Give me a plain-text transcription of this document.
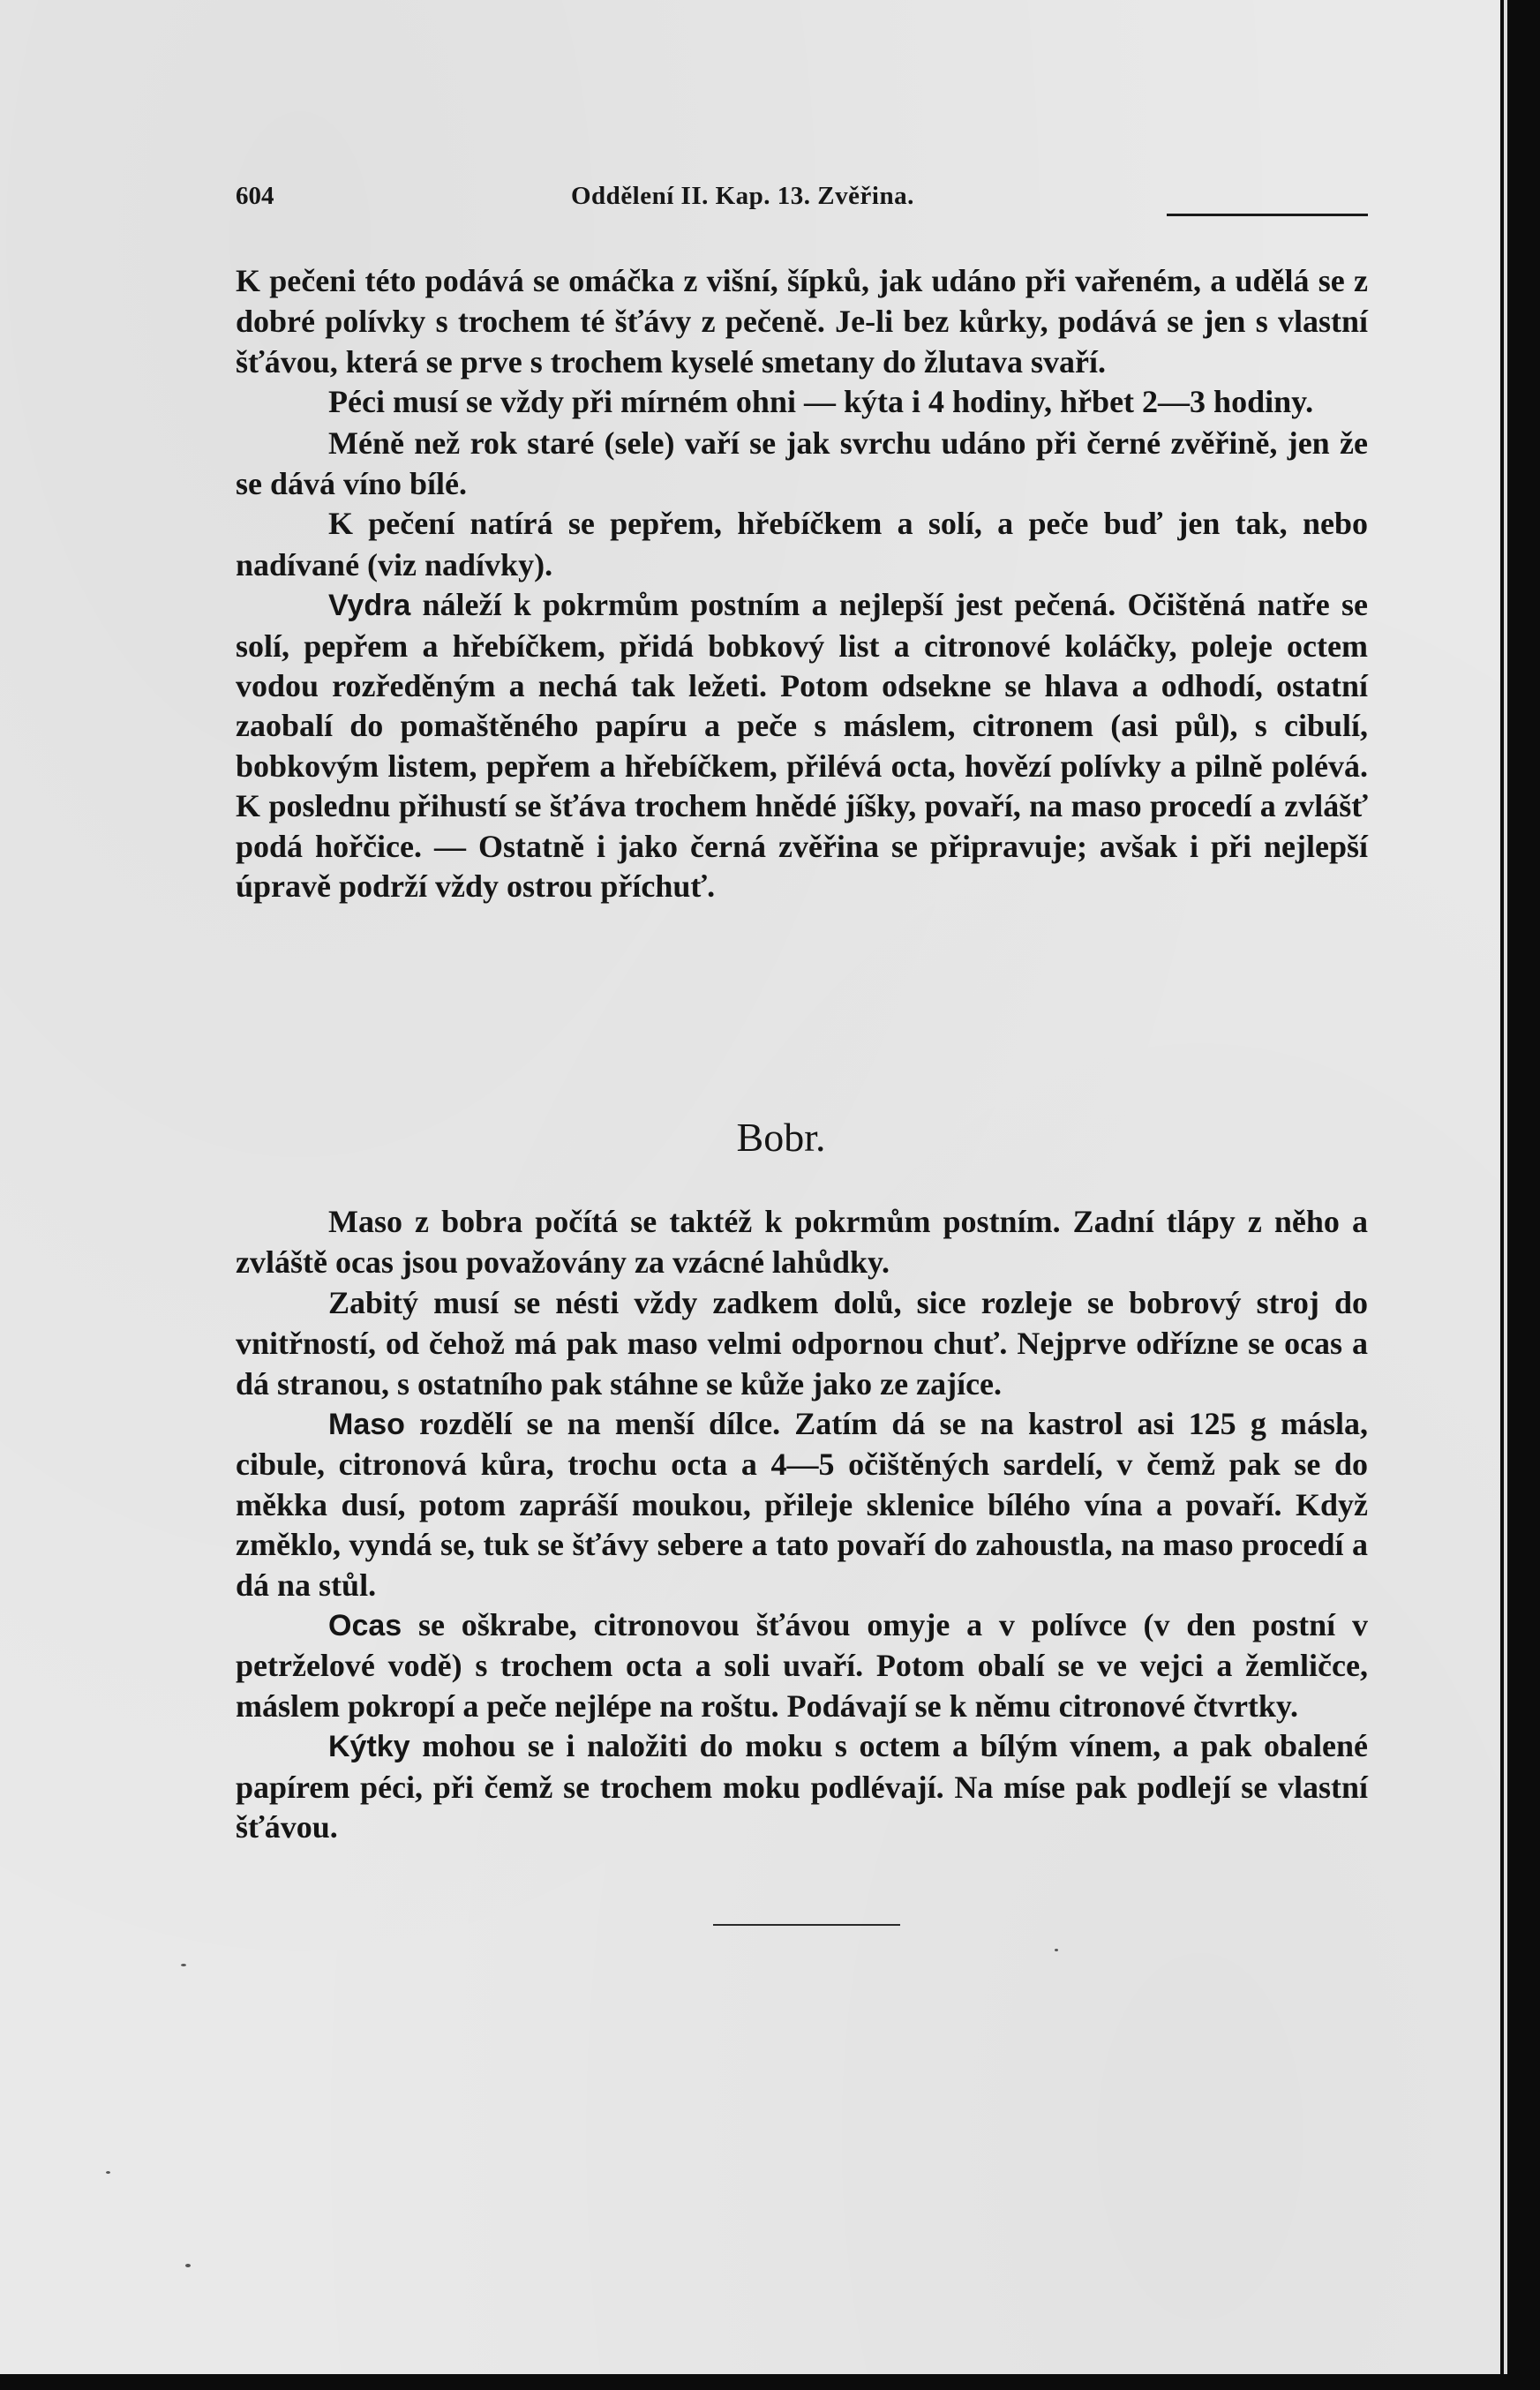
604	Oddělení II. Kap. 13. Zvěřina.

K pečeni této podává se omáčka z višní, šípků, jak udáno při vařeném, a udělá se z dobré polívky s trochem té šťávy z pečeně. Je-li bez kůrky, podává se jen s vlastní šťávou, která se prve s trochem kyselé smetany do žlutava svaří.

Péci musí se vždy při mírném ohni — kýta i 4 hodiny, hřbet 2—3 hodiny.

Méně než rok staré (sele) vaří se jak svrchu udáno při černé zvěřině, jen že se dává víno bílé.

K pečení natírá se pepřem, hřebíčkem a solí, a peče buď jen tak, nebo nadívané (viz nadívky).

Vydra náleží k pokrmům postním a nejlepší jest pečená. Očištěná natře se solí, pepřem a hřebíčkem, přidá bobkový list a citronové koláčky, poleje octem vodou rozředěným a nechá tak ležeti. Potom odsekne se hlava a odhodí, ostatní zaobalí do pomaštěného papíru a peče s máslem, citronem (asi půl), s cibulí, bobkovým listem, pepřem a hřebíčkem, přilévá octa, hovězí polívky a pilně polévá. K poslednu přihustí se šťáva trochem hnědé jíšky, povaří, na maso procedí a zvlášť podá hořčice. — Ostatně i jako černá zvěřina se připravuje; avšak i při nejlepší úpravě podrží vždy ostrou příchuť.

Bobr.

Maso z bobra počítá se taktéž k pokrmům postním. Zadní tlápy z něho a zvláště ocas jsou považovány za vzácné lahůdky.

Zabitý musí se nésti vždy zadkem dolů, sice rozleje se bobrový stroj do vnitřností, od čehož má pak maso velmi odpornou chuť. Nejprve odřízne se ocas a dá stranou, s ostatního pak stáhne se kůže jako ze zajíce.

Maso rozdělí se na menší dílce. Zatím dá se na kastrol asi 125 g másla, cibule, citronová kůra, trochu octa a 4—5 očištěných sardelí, v čemž pak se do měkka dusí, potom zapráší moukou, přileje sklenice bílého vína a povaří. Když změklo, vyndá se, tuk se šťávy sebere a tato povaří do zahoustla, na maso procedí a dá na stůl.

Ocas se oškrabe, citronovou šťávou omyje a v polívce (v den postní v petrželové vodě) s trochem octa a soli uvaří. Potom obalí se ve vejci a žemličce, máslem pokropí a peče nejlépe na roštu. Podávají se k němu citronové čtvrtky.

Kýtky mohou se i naložiti do moku s octem a bílým vínem, a pak obalené papírem péci, při čemž se trochem moku podlévají. Na míse pak podlejí se vlastní šťávou.
